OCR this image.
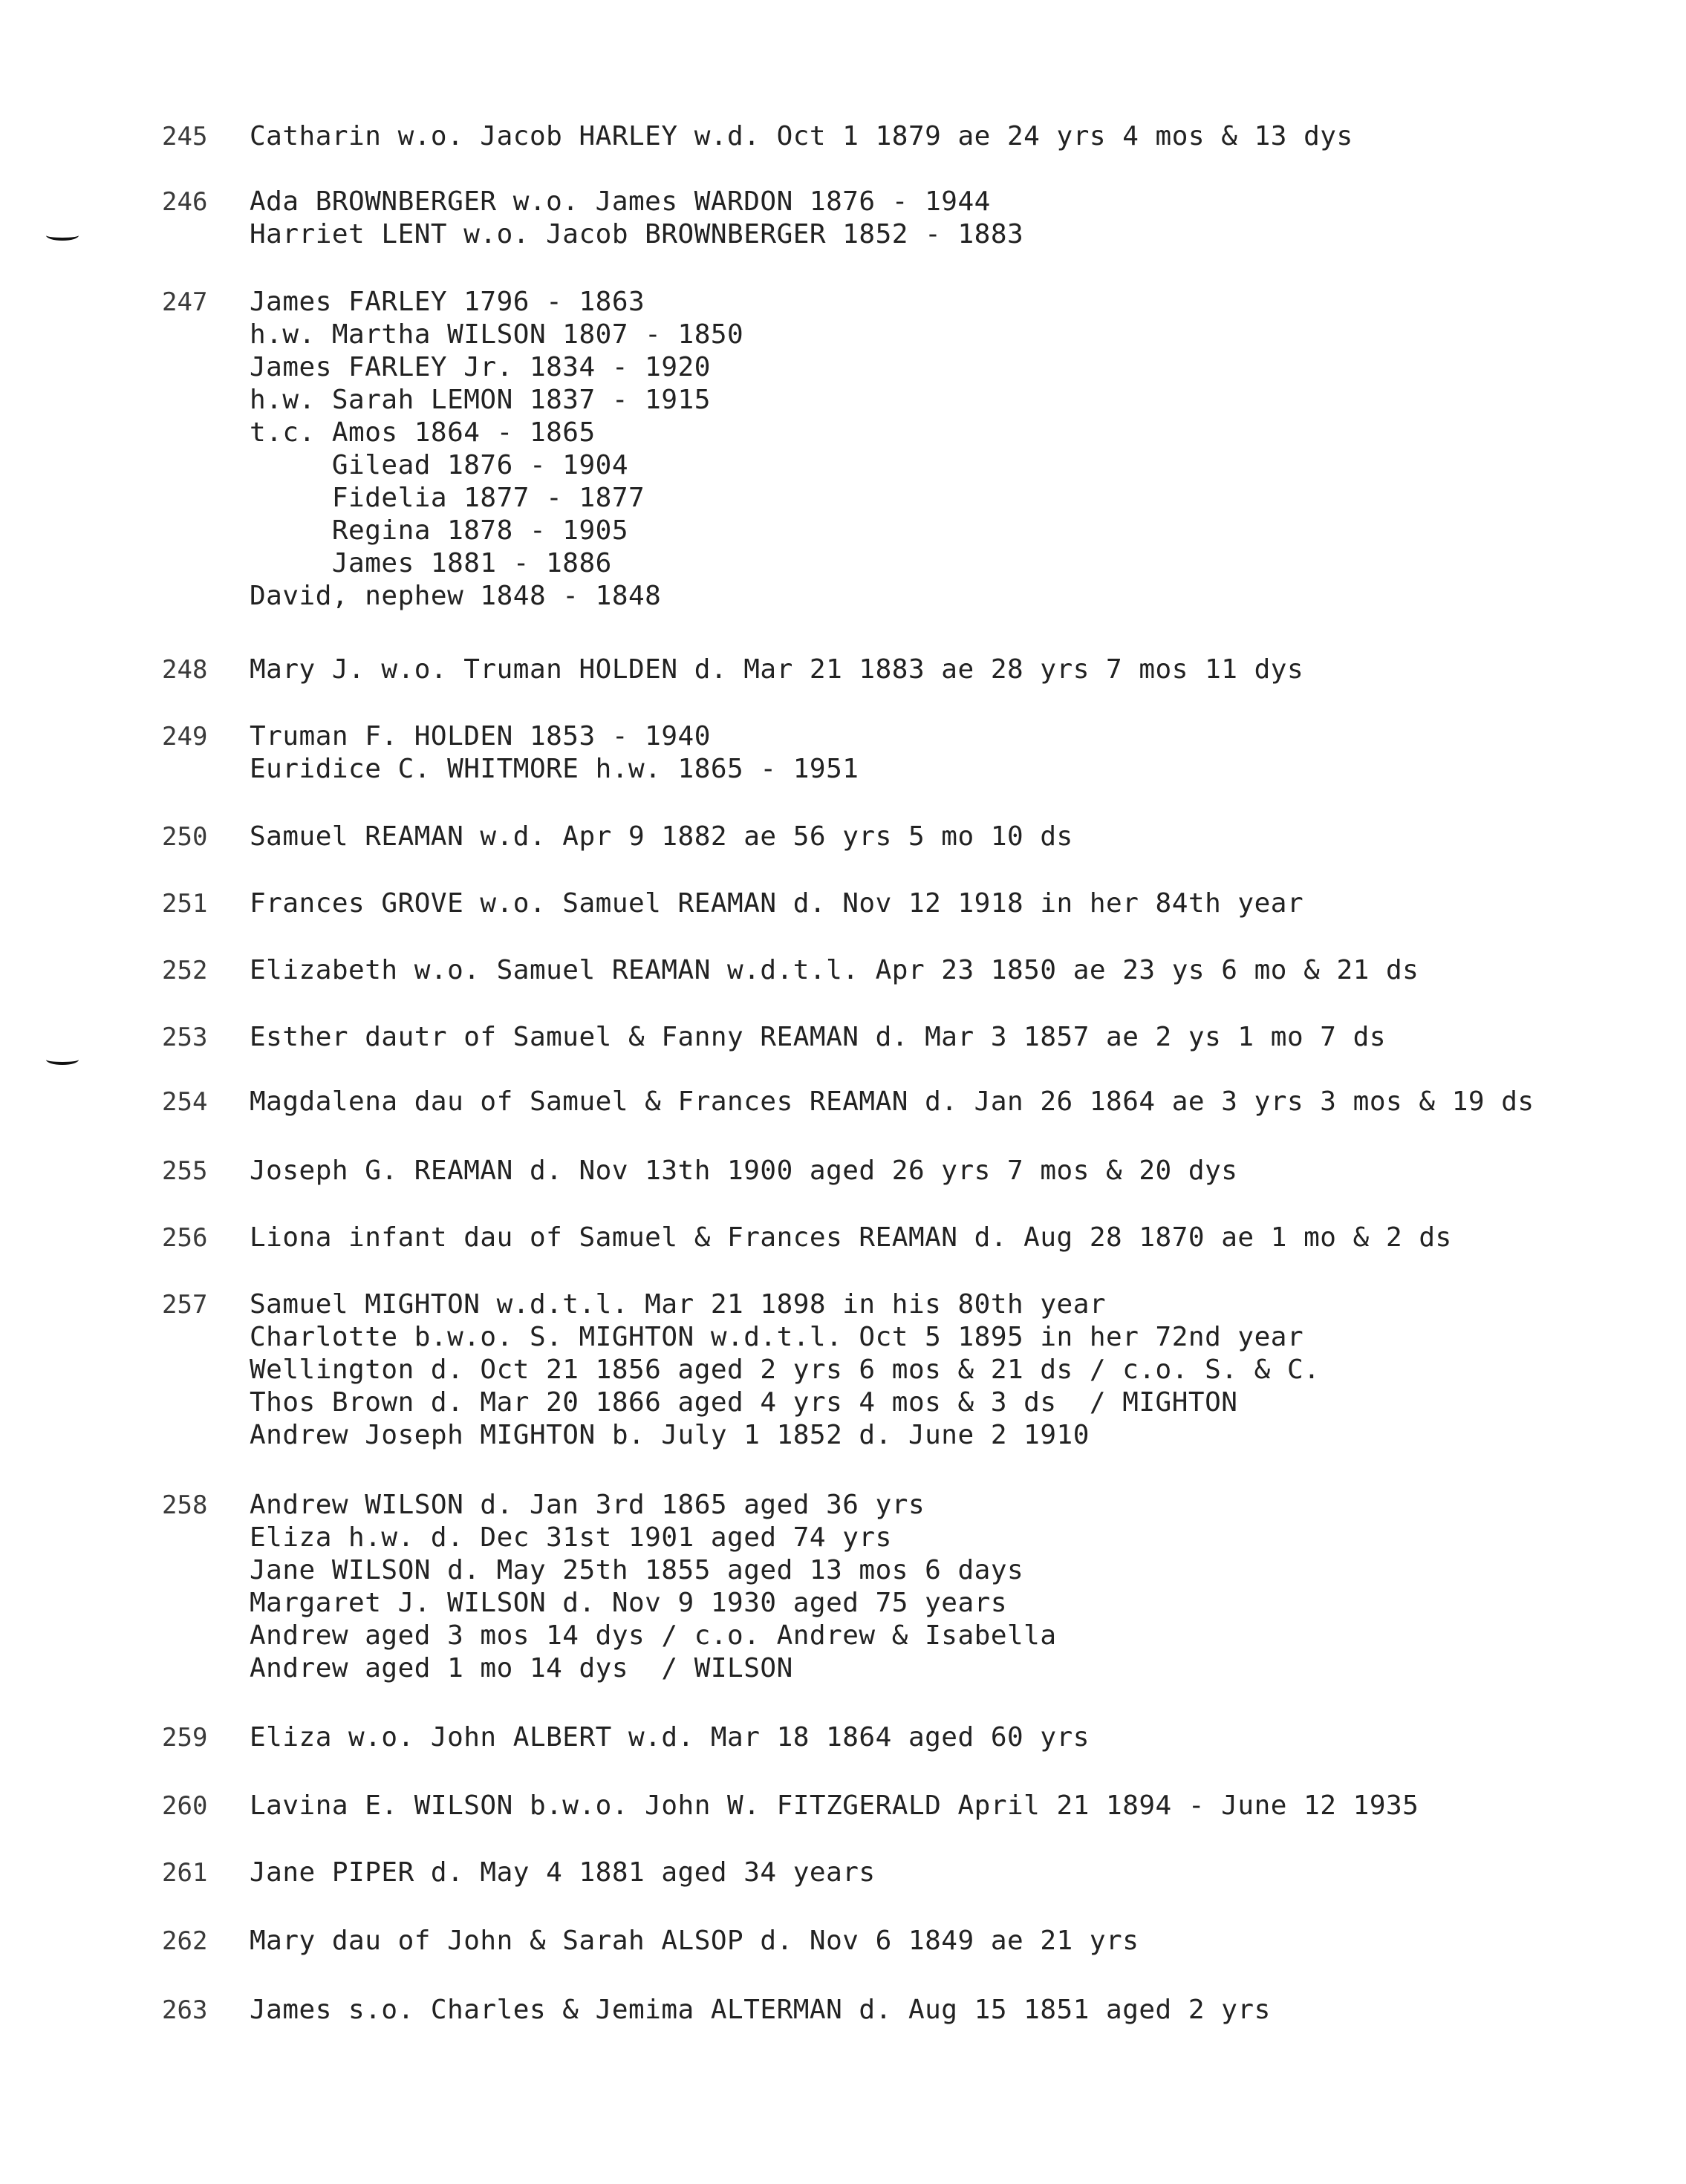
245	Catharin w.o. Jacob HARLEY w.d. Oct 1 1879 ae 24 yrs 4 mos & 13 dys
246	Ada BROWNBERGER w.o. James WARDON 1876 - 1944
Harriet LENT w.o. Jacob BROWNBERGER 1852 - 1883
247	James FARLEY 1796 - 1863
h.w. Martha WILSON 1807 - 1850
James FARLEY Jr. 1834 - 1920
h.w. Sarah LEMON 1837 - 1915
t.c. Amos 1864 - 1865
Gilead 1876 - 1904
Fidelia 1877 - 1877
Regina 1878 - 1905
James 1881 - 1886
David, nephew 1848 - 1848
248	Mary J. w.o. Truman HOLDEN d. Mar 21 1883 ae 28 yrs 7 mos 11 dys
249	Truman F. HOLDEN 1853 - 1940
Euridice C. WHITMORE h.w. 1865 - 1951
250	Samuel REAMAN w.d. Apr 9 1882 ae 56 yrs 5 mo 10 ds
251	Frances GROVE w.o. Samuel REAMAN d. Nov 12 1918 in her 84th year
252	Elizabeth w.o. Samuel REAMAN w.d.t.l. Apr 23 1850 ae 23 ys 6 mo & 21 ds
253	Esther dautr of Samuel & Fanny REAMAN d. Mar 3 1857 ae 2 ys 1 mo 7 ds
254	Magdalena dau of Samuel & Frances REAMAN d. Jan 26 1864 ae 3 yrs 3 mos & 19 ds
255	Joseph G. REAMAN d. Nov 13th 1900 aged 26 yrs 7 mos & 20 dys
256	Liona infant dau of Samuel & Frances REAMAN d. Aug 28 1870 ae 1 mo & 2 ds
257	Samuel MIGHTON w.d.t.l. Mar 21 1898 in his 80th year
Charlotte b.w.o. S. MIGHTON w.d.t.l. Oct 5 1895 in her 72nd year
Wellington d. Oct 21 1856 aged 2 yrs 6 mos & 21 ds / c.o. S. & C.
Thos Brown d. Mar 20 1866 aged 4 yrs 4 mos & 3 ds  / MIGHTON
Andrew Joseph MIGHTON b. July 1 1852 d. June 2 1910
258	Andrew WILSON d. Jan 3rd 1865 aged 36 yrs
Eliza h.w. d. Dec 31st 1901 aged 74 yrs
Jane WILSON d. May 25th 1855 aged 13 mos 6 days
Margaret J. WILSON d. Nov 9 1930 aged 75 years
Andrew aged 3 mos 14 dys / c.o. Andrew & Isabella
Andrew aged 1 mo 14 dys  / WILSON
259	Eliza w.o. John ALBERT w.d. Mar 18 1864 aged 60 yrs
260	Lavina E. WILSON b.w.o. John W. FITZGERALD April 21 1894 - June 12 1935
261	Jane PIPER d. May 4 1881 aged 34 years
262	Mary dau of John & Sarah ALSOP d. Nov 6 1849 ae 21 yrs
263	James s.o. Charles & Jemima ALTERMAN d. Aug 15 1851 aged 2 yrs
